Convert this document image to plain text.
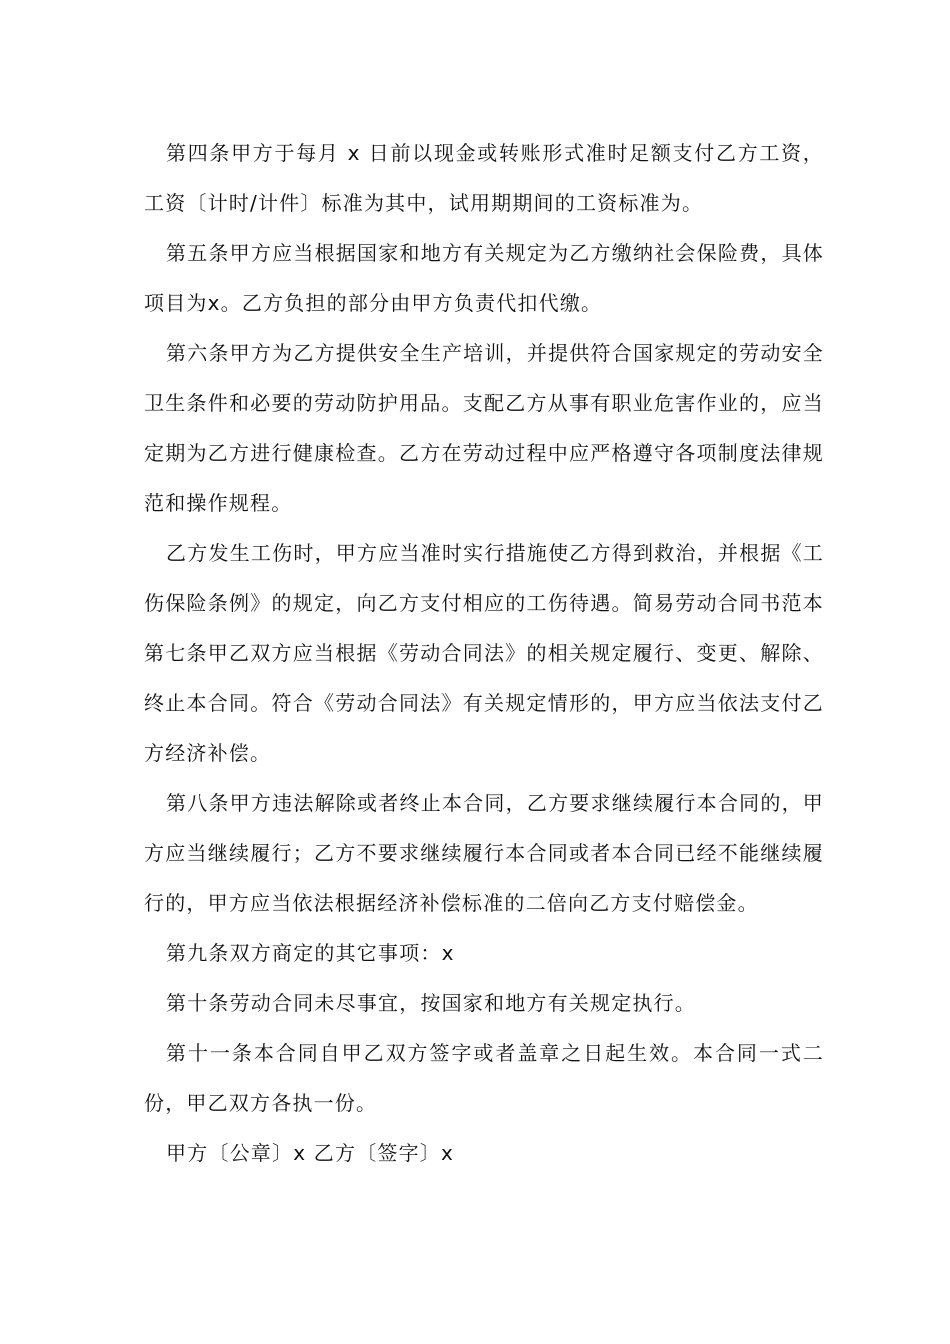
第四条甲方于每月 x 日前以现金或转账形式准时足额支付乙方工资，工资〔计时/计件〕标准为其中，试用期期间的工资标准为。

第五条甲方应当根据国家和地方有关规定为乙方缴纳社会保险费，具体项目为x。乙方负担的部分由甲方负责代扣代缴。

第六条甲方为乙方提供安全生产培训，并提供符合国家规定的劳动安全卫生条件和必要的劳动防护用品。支配乙方从事有职业危害作业的，应当定期为乙方进行健康检查。乙方在劳动过程中应严格遵守各项制度法律规范和操作规程。

乙方发生工伤时，甲方应当准时实行措施使乙方得到救治，并根据《工伤保险条例》的规定，向乙方支付相应的工伤待遇。简易劳动合同书范本第七条甲乙双方应当根据《劳动合同法》的相关规定履行、变更、解除、终止本合同。符合《劳动合同法》有关规定情形的，甲方应当依法支付乙方经济补偿。

第八条甲方违法解除或者终止本合同，乙方要求继续履行本合同的，甲方应当继续履行；乙方不要求继续履行本合同或者本合同已经不能继续履行的，甲方应当依法根据经济补偿标准的二倍向乙方支付赔偿金。

第九条双方商定的其它事项：x

第十条劳动合同未尽事宜，按国家和地方有关规定执行。

第十一条本合同自甲乙双方签字或者盖章之日起生效。本合同一式二份，甲乙双方各执一份。

甲方〔公章〕x 乙方〔签字〕x
